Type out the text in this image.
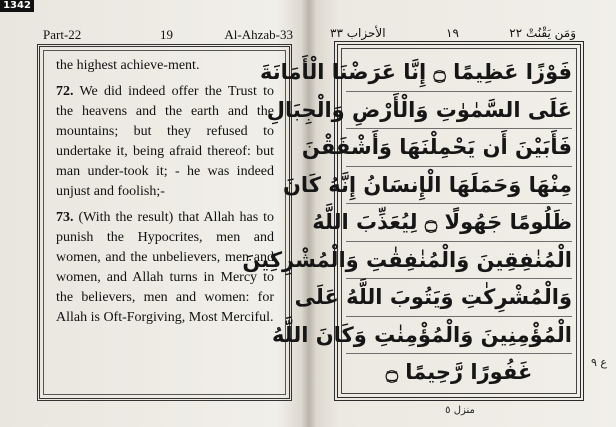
1342
Part-22	19	Al-Ahzab-33

the highest achieve-ment.

72. We did indeed offer the Trust to the heavens and the earth and the mountains; but they refused to undertake it, being afraid thereof: but man under-took it; - he was indeed unjust and foolish;-

73. (With the result) that Allah has to punish the Hypocrites, men and women, and the unbelievers, men and women, and Allah turns in Mercy to the believers, men and women: for Allah is Oft-Forgiving, Most Merciful.

الأحزاب ٣٣	١٩	وَمَن يَقْنُتْ ٢٢
فَوْزًا عَظِيمًا ۝ إِنَّا عَرَضْنَا الْأَمَانَةَ
عَلَى السَّمٰوٰتِ وَالْأَرْضِ وَالْجِبَالِ
فَأَبَيْنَ أَن يَحْمِلْنَهَا وَأَشْفَقْنَ
مِنْهَا وَحَمَلَهَا الْإِنسَانُ إِنَّهُ كَانَ
ظَلُومًا جَهُولًا ۝ لِيُعَذِّبَ اللَّهُ
الْمُنٰفِقِينَ وَالْمُنٰفِقٰتِ وَالْمُشْرِكِينَ
وَالْمُشْرِكٰتِ وَيَتُوبَ اللَّهُ عَلَى
الْمُؤْمِنِينَ وَالْمُؤْمِنٰتِ وَكَانَ اللَّهُ
غَفُورًا رَّحِيمًا ۝	ع ٩
منزل ٥
